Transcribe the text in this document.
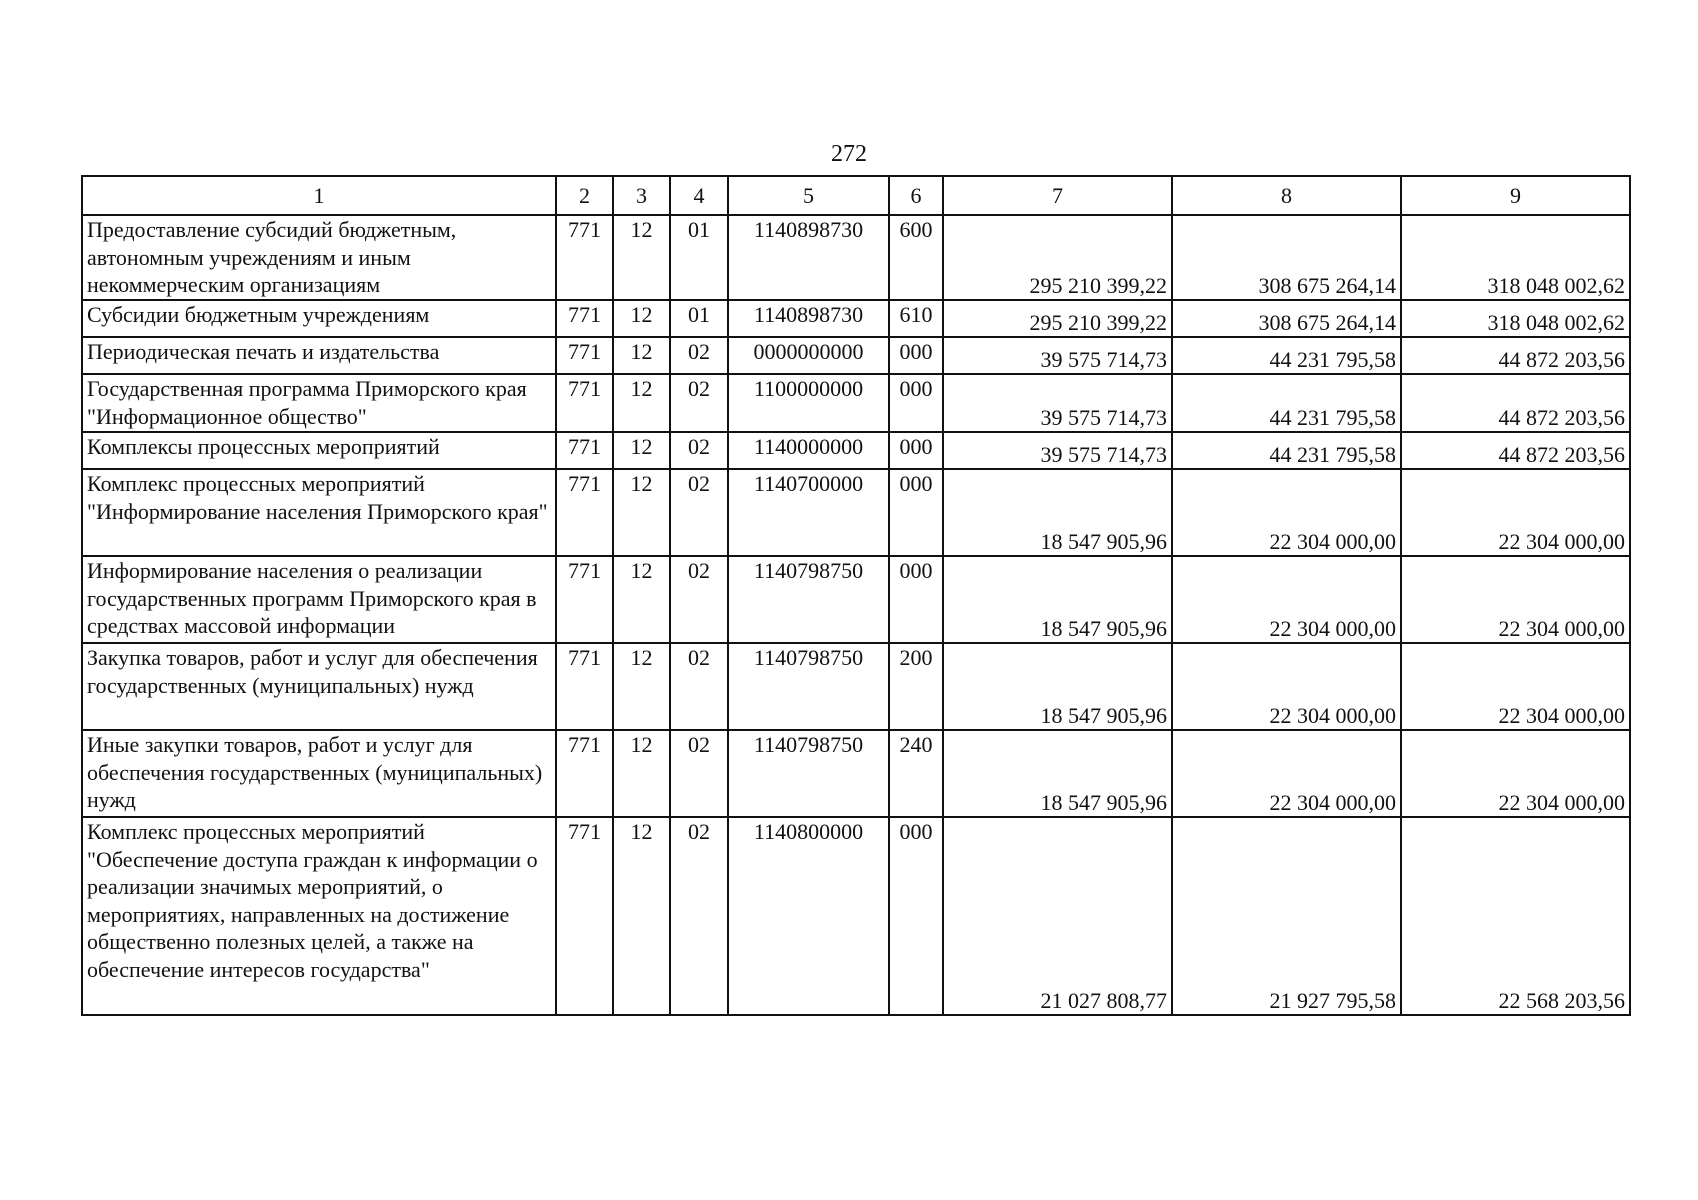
272
1	2	3	4	5	6	7	8	9
Предоставление субсидий бюджетным, автономным учреждениям и иным некоммерческим организациям	771	12	01	1140898730	600	295 210 399,22	308 675 264,14	318 048 002,62
Субсидии бюджетным учреждениям	771	12	01	1140898730	610	295 210 399,22	308 675 264,14	318 048 002,62
Периодическая печать и издательства	771	12	02	0000000000	000	39 575 714,73	44 231 795,58	44 872 203,56
Государственная программа Приморского края "Информационное общество"	771	12	02	1100000000	000	39 575 714,73	44 231 795,58	44 872 203,56
Комплексы процессных мероприятий	771	12	02	1140000000	000	39 575 714,73	44 231 795,58	44 872 203,56
Комплекс процессных мероприятий "Информирование населения Приморского края"	771	12	02	1140700000	000	18 547 905,96	22 304 000,00	22 304 000,00
Информирование населения о реализации государственных программ Приморского края в средствах массовой информации	771	12	02	1140798750	000	18 547 905,96	22 304 000,00	22 304 000,00
Закупка товаров, работ и услуг для обеспечения государственных (муниципальных) нужд	771	12	02	1140798750	200	18 547 905,96	22 304 000,00	22 304 000,00
Иные закупки товаров, работ и услуг для обеспечения государственных (муниципальных) нужд	771	12	02	1140798750	240	18 547 905,96	22 304 000,00	22 304 000,00
Комплекс процессных мероприятий "Обеспечение доступа граждан к информации о реализации значимых мероприятий, о мероприятиях, направленных на достижение общественно полезных целей, а также на обеспечение интересов государства"	771	12	02	1140800000	000	21 027 808,77	21 927 795,58	22 568 203,56
